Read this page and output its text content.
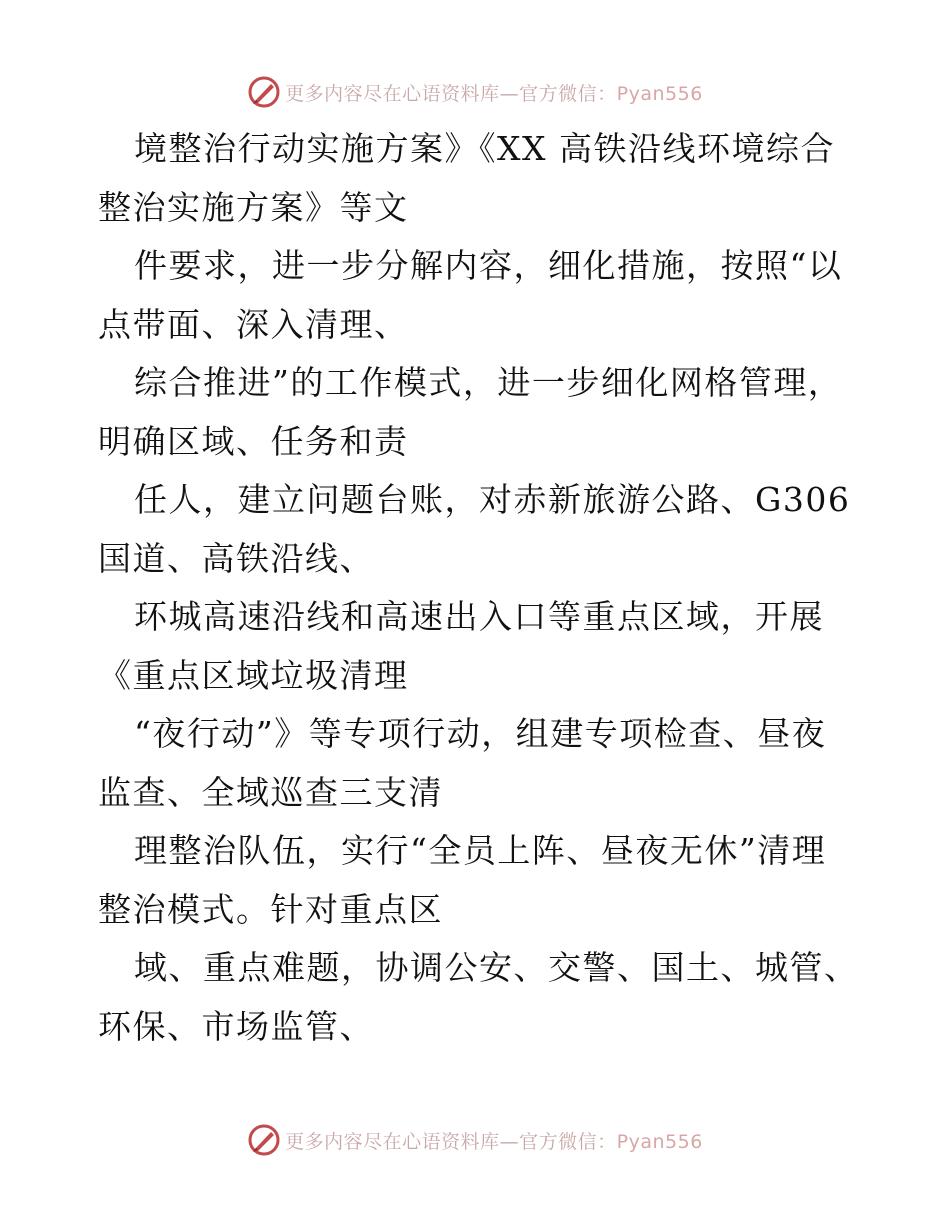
更多内容尽在心语资料库—官方微信：Pyan556
境整治行动实施方案》《XX 高铁沿线环境综合
整治实施方案》等文
件要求，进一步分解内容，细化措施，按照“以
点带面、深入清理、
综合推进”的工作模式，进一步细化网格管理，
明确区域、任务和责
任人，建立问题台账，对赤新旅游公路、G306
国道、高铁沿线、
环城高速沿线和高速出入口等重点区域，开展
《重点区域垃圾清理
“夜行动”》等专项行动，组建专项检查、昼夜
监查、全域巡查三支清
理整治队伍，实行“全员上阵、昼夜无休”清理
整治模式。针对重点区
域、重点难题，协调公安、交警、国土、城管、
环保、市场监管、
更多内容尽在心语资料库—官方微信：Pyan556
